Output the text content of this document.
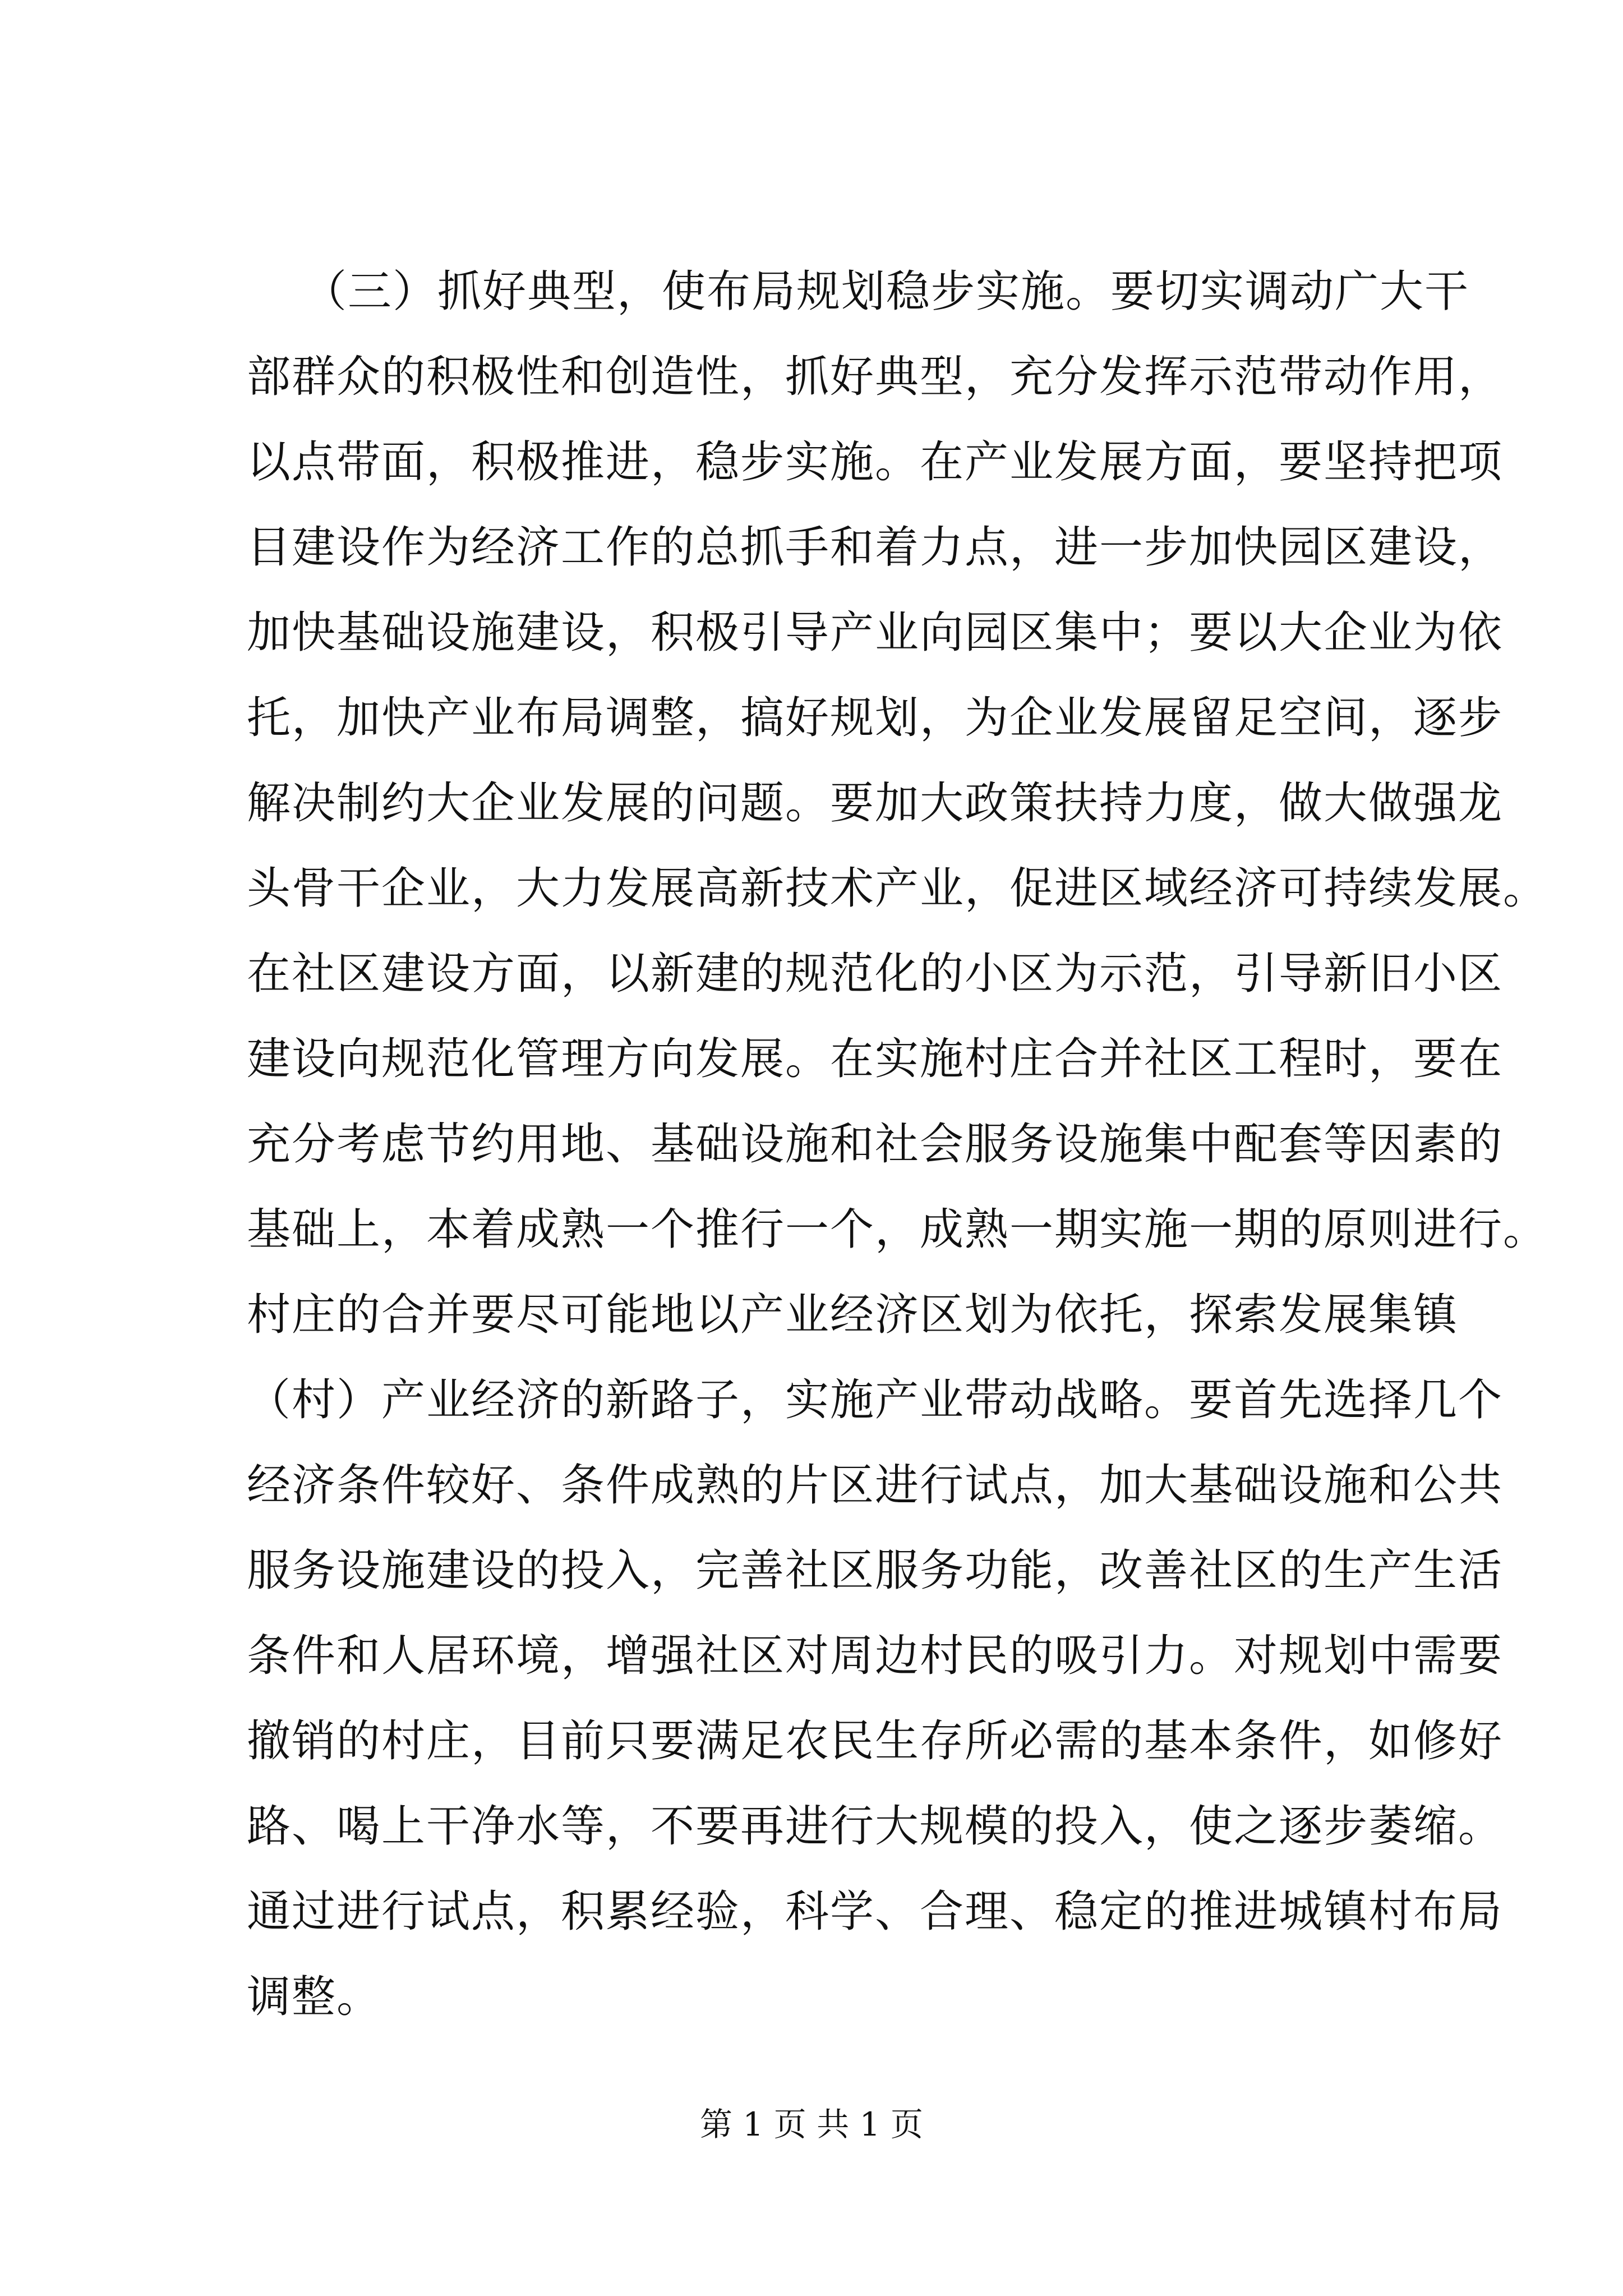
（三）抓好典型，使布局规划稳步实施。要切实调动广大干
部群众的积极性和创造性，抓好典型，充分发挥示范带动作用，
以点带面，积极推进，稳步实施。在产业发展方面，要坚持把项
目建设作为经济工作的总抓手和着力点，进一步加快园区建设，
加快基础设施建设，积极引导产业向园区集中；要以大企业为依
托，加快产业布局调整，搞好规划，为企业发展留足空间，逐步
解决制约大企业发展的问题。要加大政策扶持力度，做大做强龙
头骨干企业，大力发展高新技术产业，促进区域经济可持续发展。
在社区建设方面，以新建的规范化的小区为示范，引导新旧小区
建设向规范化管理方向发展。在实施村庄合并社区工程时，要在
充分考虑节约用地、基础设施和社会服务设施集中配套等因素的
基础上，本着成熟一个推行一个，成熟一期实施一期的原则进行。
村庄的合并要尽可能地以产业经济区划为依托，探索发展集镇
（村）产业经济的新路子，实施产业带动战略。要首先选择几个
经济条件较好、条件成熟的片区进行试点，加大基础设施和公共
服务设施建设的投入，完善社区服务功能，改善社区的生产生活
条件和人居环境，增强社区对周边村民的吸引力。对规划中需要
撤销的村庄，目前只要满足农民生存所必需的基本条件，如修好
路、喝上干净水等，不要再进行大规模的投入，使之逐步萎缩。
通过进行试点，积累经验，科学、合理、稳定的推进城镇村布局
调整。
第 1 页 共 1 页
